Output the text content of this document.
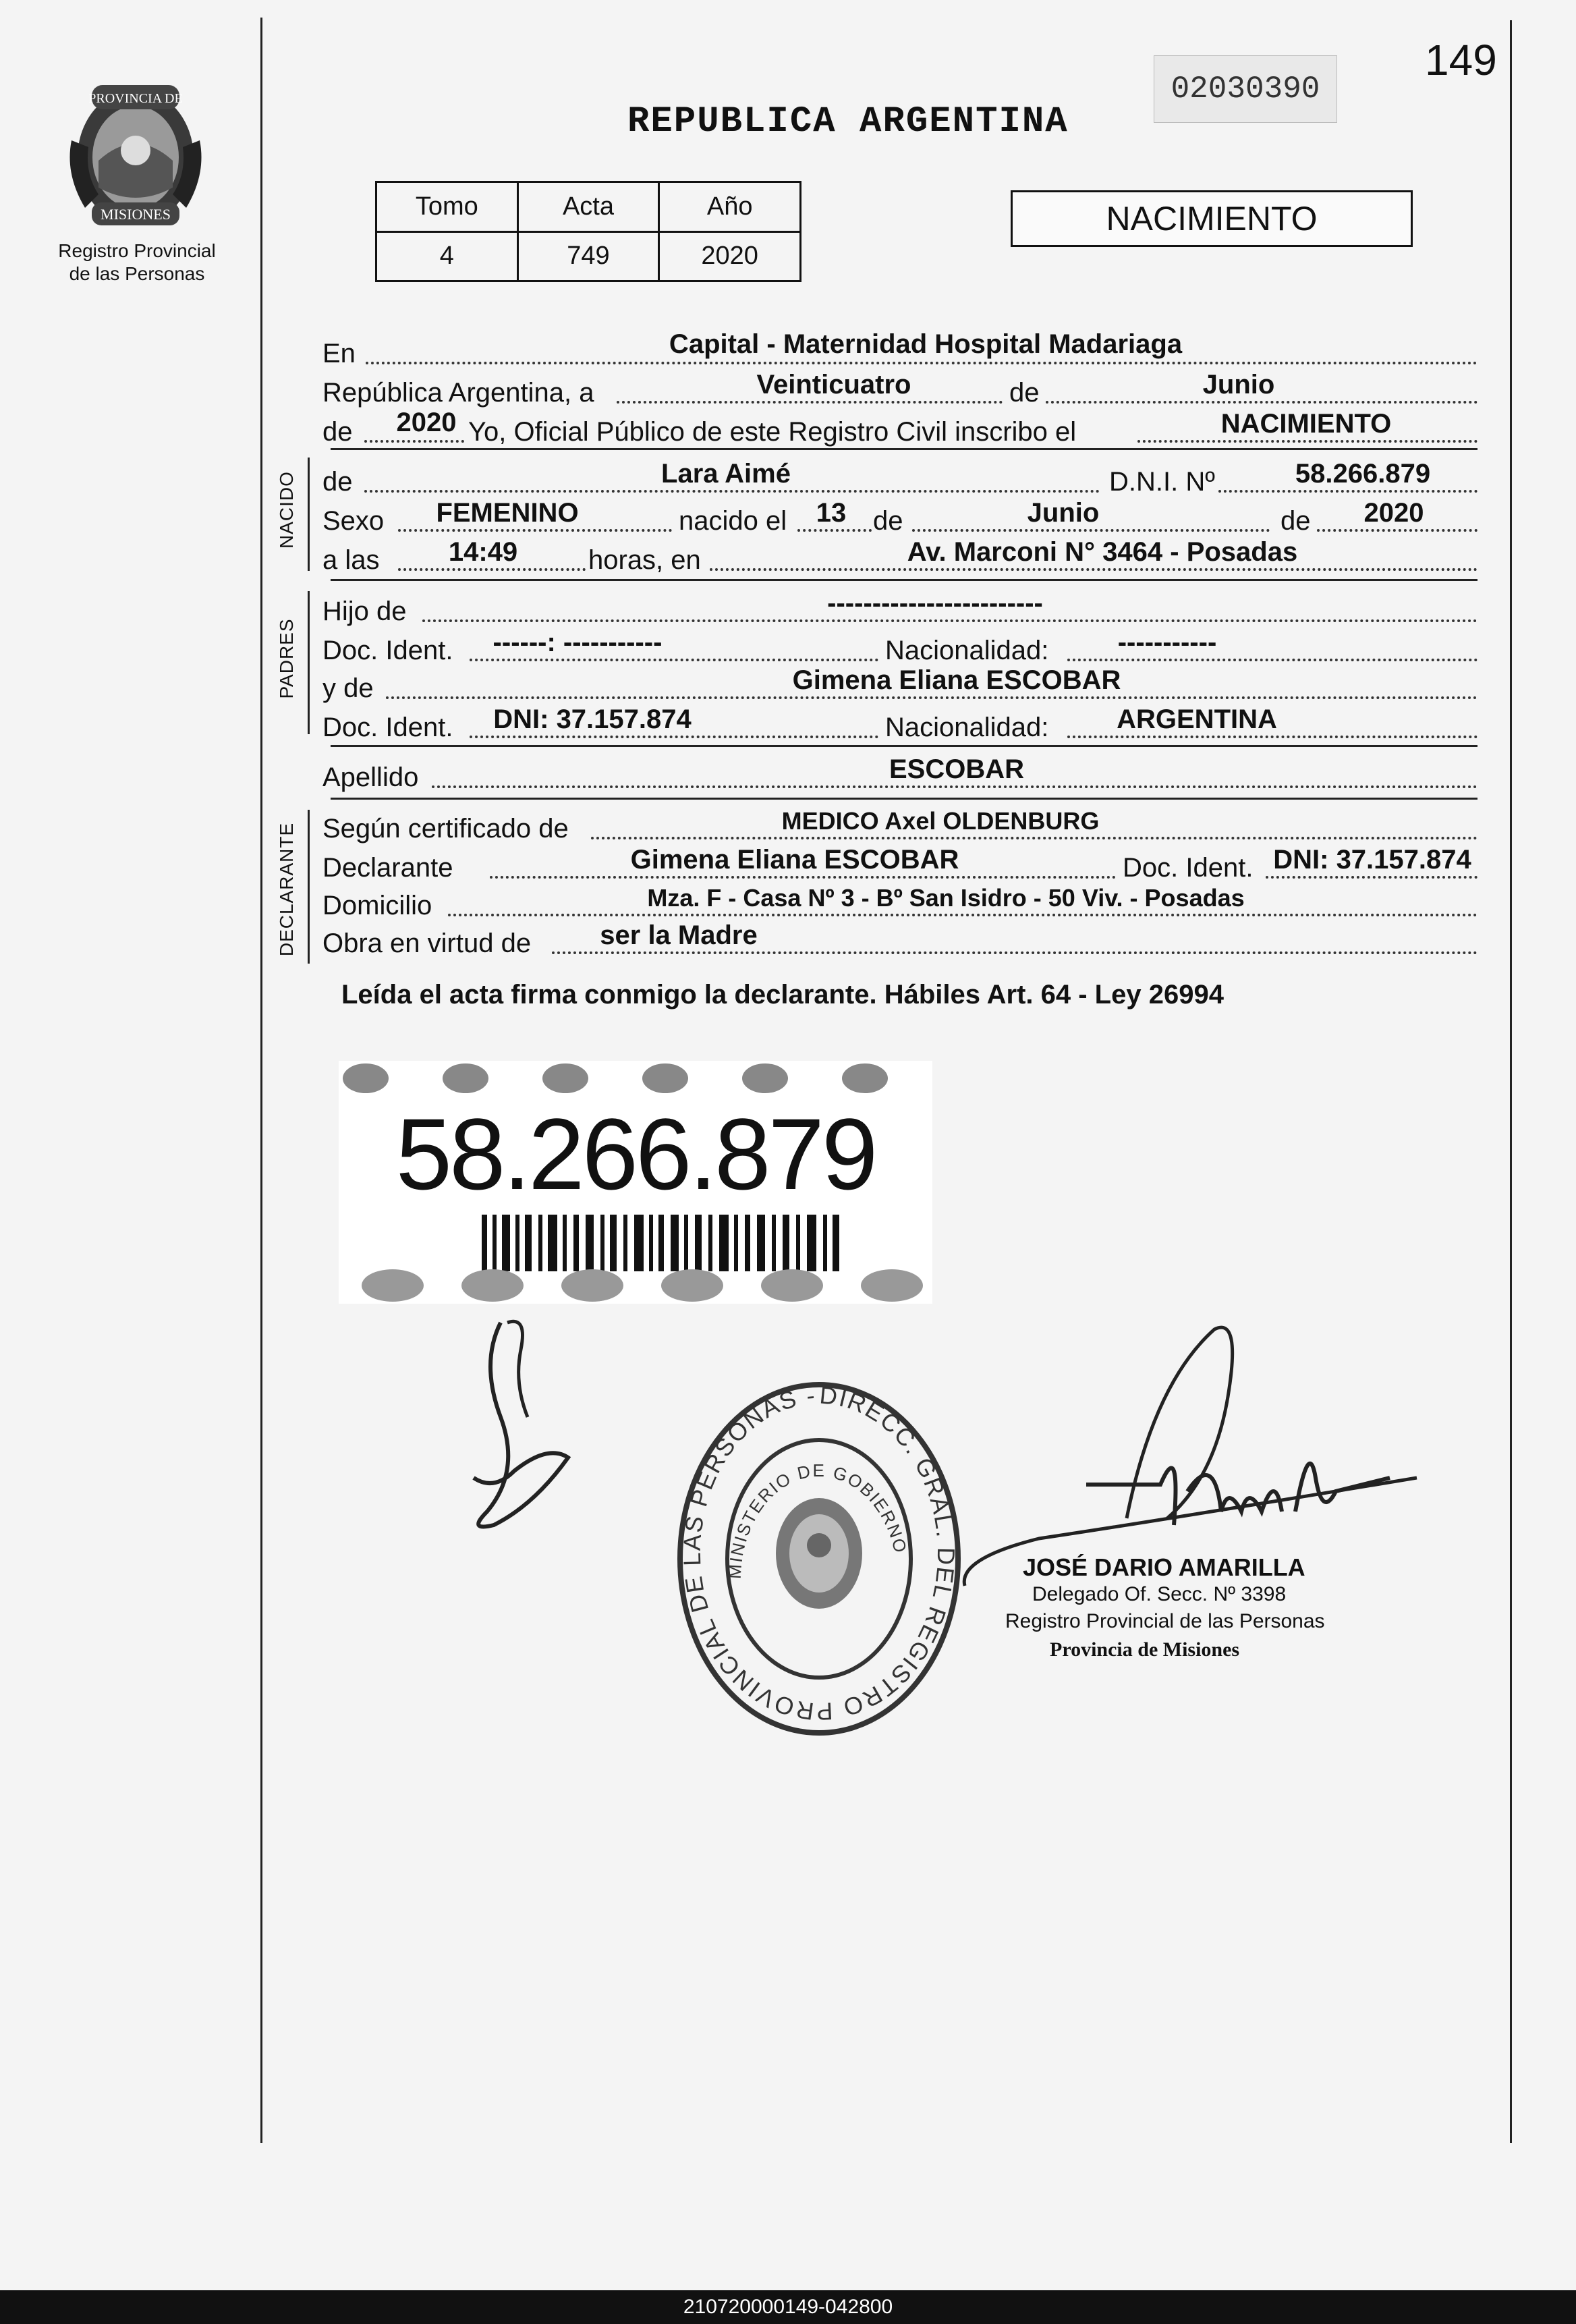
149
02030390
PROVINCIA DE
MISIONES
Registro Provincial
de las Personas
REPUBLICA ARGENTINA
Tomo	Acta	Año
4	749	2020
NACIMIENTO
En	Capital - Maternidad Hospital Madariaga
República Argentina, a	Veinticuatro	de	Junio
de 2020 Yo, Oficial Público de este Registro Civil inscribo el	NACIMIENTO
NACIDO de	Lara Aimé	D.N.I. Nº	58.266.879
Sexo FEMENINO	nacido el 13 de	Junio	de 2020
a las	14:49	horas, en	Av. Marconi N° 3464 - Posadas
PADRES
Hijo de	------------------------
Doc. Ident. ------: -----------	Nacionalidad:	-----------
y de	Gimena Eliana ESCOBAR
Doc. Ident. DNI: 37.157.874	Nacionalidad:	ARGENTINA
Apellido	ESCOBAR
DECLARANTE Según certificado de	MEDICO Axel OLDENBURG
Declarante	Gimena Eliana ESCOBAR	Doc. Ident. DNI: 37.157.874
Domicilio	Mza. F - Casa Nº 3 - Bº San Isidro - 50 Viv. - Posadas
Obra en virtud de	ser la Madre
Leída el acta firma conmigo la declarante. Hábiles Art. 64 - Ley 26994
58.266.879
DIRECC. GRAL. DEL REGISTRO PROVINCIAL DE LAS PERSONAS -
MINISTERIO DE GOBIERNO
JOSÉ DARIO AMARILLA
Delegado Of. Secc. Nº 3398
Registro Provincial de las Personas
Provincia de Misiones
210720000149-042800
